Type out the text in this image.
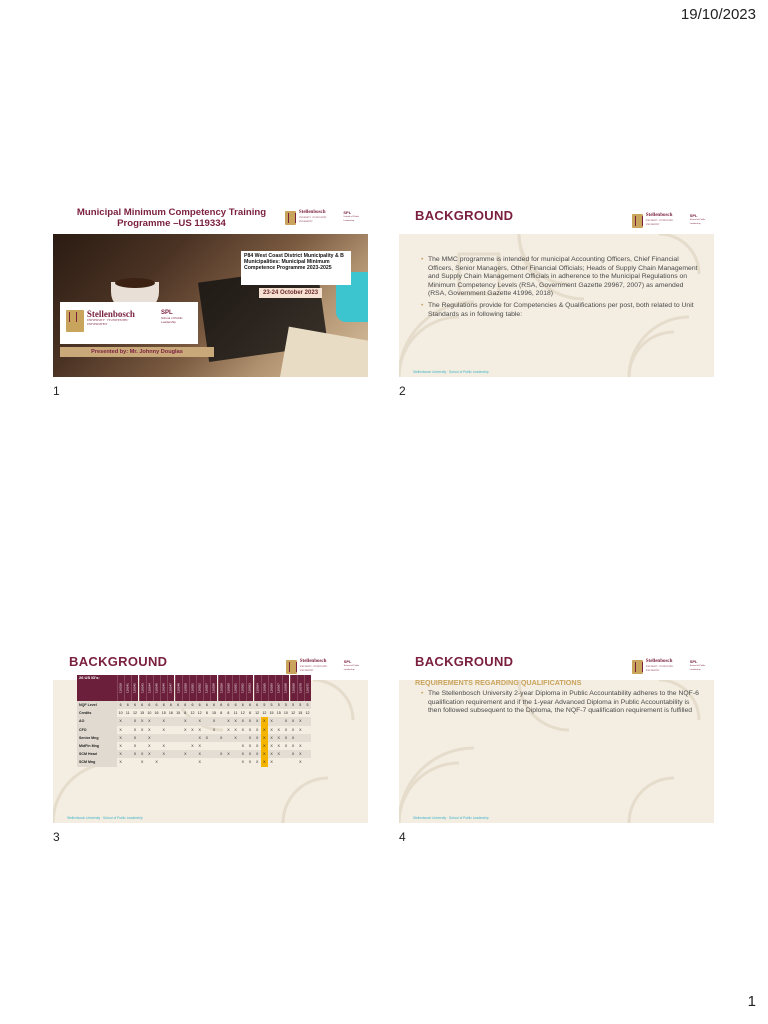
19/10/2023
Municipal Minimum Competency Training Programme –US 119334
Stellenbosch
UNIVERSITY · IYUNIVESITHI · UNIVERSITEIT
SPL
School of Public Leadership
P84 West Coast District Municipality & B Municipalities: Municipal Minimum Competence Programme 2023-2025
23-24 October 2023
Stellenbosch
UNIVERSITY · IYUNIVESITHI · UNIVERSITEIT
SPL
School of Public Leadership
Presented by: Mr. Johnny Douglas
1
BACKGROUND	Stellenbosch
UNIVERSITY · IYUNIVESITHI · UNIVERSITEIT
SPL
School of Public Leadership
• The MMC programme is intended for municipal Accounting Officers, Chief Financial Officers, Senior Managers, Other Financial Officials; Heads of Supply Chain Management and Supply Chain Management Officials in adherence to the Municipal Regulations on Minimum Competency Levels (RSA, Government Gazette 29967, 2007) as amended (RSA, Government Gazette 41996, 2018)
• The Regulations provide for Competencies & Qualifications per post, both related to Unit Standards as in following table:
Stellenbosch University · School of Public Leadership
2
BACKGROUND	Stellenbosch
UNIVERSITY · IYUNIVESITHI · UNIVERSITEIT
SPL
School of Public Leadership
26 US ID's:	116339	116341	116342	116343	116344	116345	116346	116347	116348	116350	116351	116352	116357	116358	116359	116360	116361	116362	116363	116364	116365	116366	116367	116368	116369	116370	116371
NQF Level	6	6	6	6	6	6	6	6	6	6	6	6	6	6	6	6	6	6	6	6	5	5	5	5	5	5	5
Credits	10	11	12	15	10	16	15	16	15	8	12	12	8	15	8	8	11	12	8	12	12	15	15	10	12	15	12
AO	X		X	X	X		X			X		X		X		X	X	X	X	X	X	X		X	X	X	
CFO	X		X	X	X		X			X	X	X		X		X	X	X	X	X	X	X	X	X	X	X	
Senior Mng	X		X		X							X	X		X		X		X	X	X	X	X	X	X		
MidFin Mng	X		X		X		X				X	X						X	X	X	X	X	X	X	X	X	
SCM Head	X		X	X	X		X			X		X			X	X		X	X	X	X	X	X		X	X	
SCM Mng	X			X		X						X						X	X	X	X	X				X	
Stellenbosch University · School of Public Leadership
3
BACKGROUND	Stellenbosch
UNIVERSITY · IYUNIVESITHI · UNIVERSITEIT
SPL
School of Public Leadership
REQUIREMENTS REGARDING QUALIFICATIONS
• The Stellenbosch University 2-year Diploma in Public Accountability adheres to the NQF-6 qualification requirement and if the 1-year Advanced Diploma in Public Accountability is then followed subsequent to the Diploma, the NQF-7 qualification requirement is fulfilled
Stellenbosch University · School of Public Leadership
4
1
